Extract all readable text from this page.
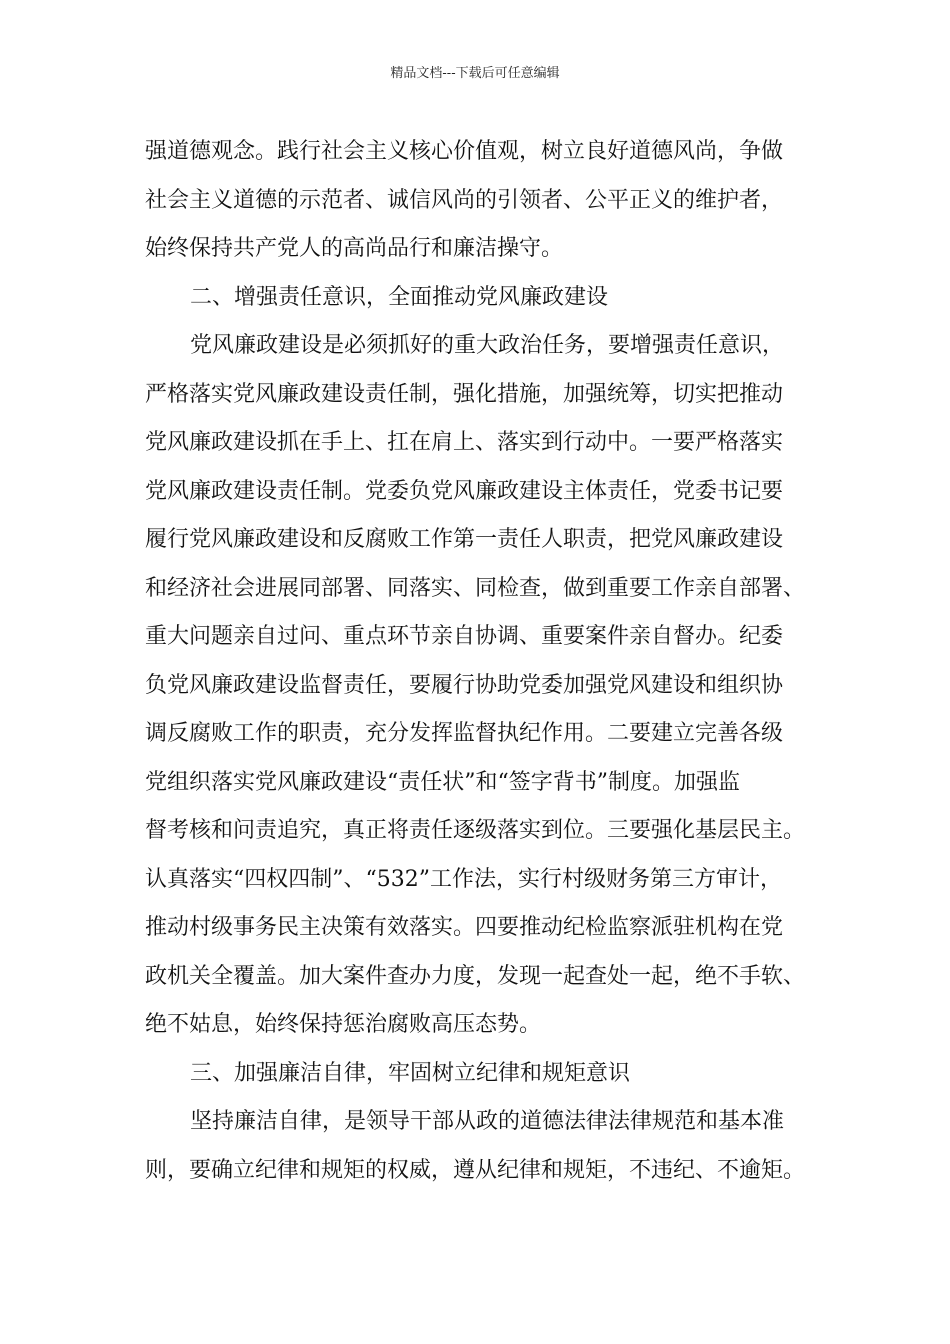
精品文档---下载后可任意编辑
强道德观念。践行社会主义核心价值观，树立良好道德风尚，争做
社会主义道德的示范者、诚信风尚的引领者、公平正义的维护者，
始终保持共产党人的高尚品行和廉洁操守。
二、增强责任意识，全面推动党风廉政建设
党风廉政建设是必须抓好的重大政治任务，要增强责任意识，
严格落实党风廉政建设责任制，强化措施，加强统筹，切实把推动
党风廉政建设抓在手上、扛在肩上、落实到行动中。一要严格落实
党风廉政建设责任制。党委负党风廉政建设主体责任，党委书记要
履行党风廉政建设和反腐败工作第一责任人职责，把党风廉政建设
和经济社会进展同部署、同落实、同检查，做到重要工作亲自部署、
重大问题亲自过问、重点环节亲自协调、重要案件亲自督办。纪委
负党风廉政建设监督责任，要履行协助党委加强党风建设和组织协
调反腐败工作的职责，充分发挥监督执纪作用。二要建立完善各级
党组织落实党风廉政建设“责任状”和“签字背书”制度。加强监
督考核和问责追究，真正将责任逐级落实到位。三要强化基层民主。
认真落实“四权四制”、“532”工作法，实行村级财务第三方审计，
推动村级事务民主决策有效落实。四要推动纪检监察派驻机构在党
政机关全覆盖。加大案件查办力度，发现一起查处一起，绝不手软、
绝不姑息，始终保持惩治腐败高压态势。
三、加强廉洁自律，牢固树立纪律和规矩意识
坚持廉洁自律，是领导干部从政的道德法律法律规范和基本准
则，要确立纪律和规矩的权威，遵从纪律和规矩，不违纪、不逾矩。
